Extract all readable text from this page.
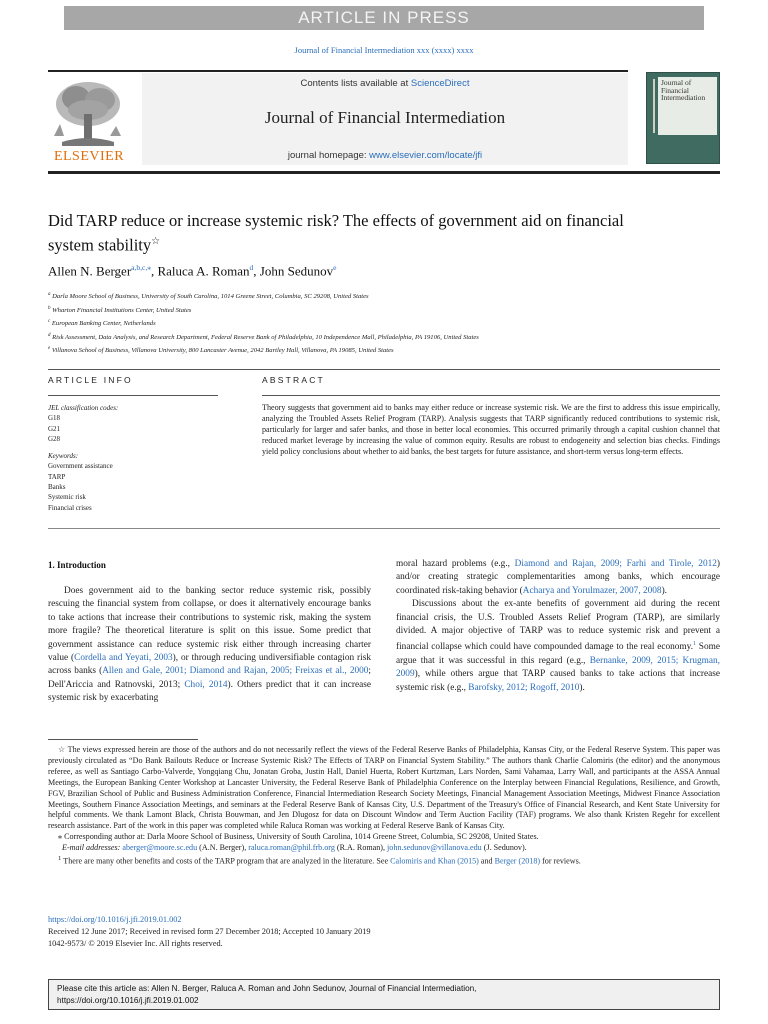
ARTICLE IN PRESS
Journal of Financial Intermediation xxx (xxxx) xxxx
ELSEVIER
Contents lists available at ScienceDirect
Journal of Financial Intermediation
journal homepage: www.elsevier.com/locate/jfi
Journal of Financial Intermediation
Did TARP reduce or increase systemic risk? The effects of government aid on financial system stability☆
Allen N. Berger$^{a,b,c,⁎}$, Raluca A. Roman$^d$, John Sedunov$^e$
$^a$ Darla Moore School of Business, University of South Carolina, 1014 Greene Street, Columbia, SC 29208, United States
$^b$ Wharton Financial Institutions Center, United States
$^c$ European Banking Center, Netherlands
$^d$ Risk Assessment, Data Analysis, and Research Department, Federal Reserve Bank of Philadelphia, 10 Independence Mall, Philadelphia, PA 19106, United States
$^e$ Villanova School of Business, Villanova University, 800 Lancaster Avenue, 2042 Bartley Hall, Villanova, PA 19085, United States
ARTICLE INFO	ABSTRACT
JEL classification codes:
G18
G21
G28
Keywords:
Government assistance
TARP
Banks
Systemic risk
Financial crises
Theory suggests that government aid to banks may either reduce or increase systemic risk. We are the first to address this issue empirically, analyzing the Troubled Assets Relief Program (TARP). Analysis suggests that TARP significantly reduced contributions to systemic risk, particularly for larger and safer banks, and those in better local economies. This occurred primarily through a capital cushion channel that reduced market leverage by increasing the value of common equity. Results are robust to endogeneity and selection bias checks. Findings yield policy conclusions about whether to aid banks, the best targets for future assistance, and short-term versus long-term effects.
1. Introduction

Does government aid to the banking sector reduce systemic risk, possibly rescuing the financial system from collapse, or does it alternatively encourage banks to take actions that increase their contributions to systemic risk, making the system more fragile? The theoretical literature is split on this issue. Some predict that government assistance can reduce systemic risk either through increasing charter value (Cordella and Yeyati, 2003), or through reducing undiversifiable contagion risk across banks (Allen and Gale, 2001; Diamond and Rajan, 2005; Freixas et al., 2000; Dell'Ariccia and Ratnovski, 2013; Choi, 2014). Others predict that it can increase systemic risk by exacerbating

moral hazard problems (e.g., Diamond and Rajan, 2009; Farhi and Tirole, 2012) and/or creating strategic complementarities among banks, which encourage coordinated risk-taking behavior (Acharya and Yorulmazer, 2007, 2008).

Discussions about the ex-ante benefits of government aid during the recent financial crisis, the U.S. Troubled Assets Relief Program (TARP), are similarly divided. A major objective of TARP was to reduce systemic risk and prevent a financial collapse which could have compounded damage to the real economy.$^1$ Some argue that it was successful in this regard (e.g., Bernanke, 2009, 2015; Krugman, 2009), while others argue that TARP caused banks to take actions that increase systemic risk (e.g., Barofsky, 2012; Rogoff, 2010).

☆ The views expressed herein are those of the authors and do not necessarily reflect the views of the Federal Reserve Banks of Philadelphia, Kansas City, or the Federal Reserve System. This paper was previously circulated as “Do Bank Bailouts Reduce or Increase Systemic Risk? The Effects of TARP on Financial System Stability.” The authors thank Charlie Calomiris (the editor) and the anonymous referee, as well as Santiago Carbo-Valverde, Yongqiang Chu, Jonatan Groba, Justin Hall, Daniel Huerta, Robert Kurtzman, Lars Norden, Sami Vahamaa, Larry Wall, and participants at the ASSA Annual Meetings, the European Banking Center Workshop at Lancaster University, the Federal Reserve Bank of Philadelphia Conference on the Interplay between Financial Regulations, Resilience, and Growth, FGV, Brazilian School of Public and Business Administration Conference, Financial Intermediation Research Society Meetings, Financial Management Association Meetings, Midwest Finance Association Meetings, Southern Finance Association Meetings, and seminars at the Federal Reserve Bank of Kansas City, U.S. Department of the Treasury's Office of Financial Research, and Kent State University for helpful comments. We thank Lamont Black, Christa Bouwman, and Jen Dlugosz for data on Discount Window and Term Auction Facility (TAF) programs. We also thank Kristen Regehr for excellent research assistance. Part of the work in this paper was completed while Raluca Roman was working at Federal Reserve Bank of Kansas City.

⁎ Corresponding author at: Darla Moore School of Business, University of South Carolina, 1014 Greene Street, Columbia, SC 29208, United States.

E-mail addresses: aberger@moore.sc.edu (A.N. Berger), raluca.roman@phil.frb.org (R.A. Roman), john.sedunov@villanova.edu (J. Sedunov).

$^1$ There are many other benefits and costs of the TARP program that are analyzed in the literature. See Calomiris and Khan (2015) and Berger (2018) for reviews.

https://doi.org/10.1016/j.jfi.2019.01.002
Received 12 June 2017; Received in revised form 27 December 2018; Accepted 10 January 2019
1042-9573/ © 2019 Elsevier Inc. All rights reserved.
Please cite this article as: Allen N. Berger, Raluca A. Roman and John Sedunov, Journal of Financial Intermediation,
https://doi.org/10.1016/j.jfi.2019.01.002
